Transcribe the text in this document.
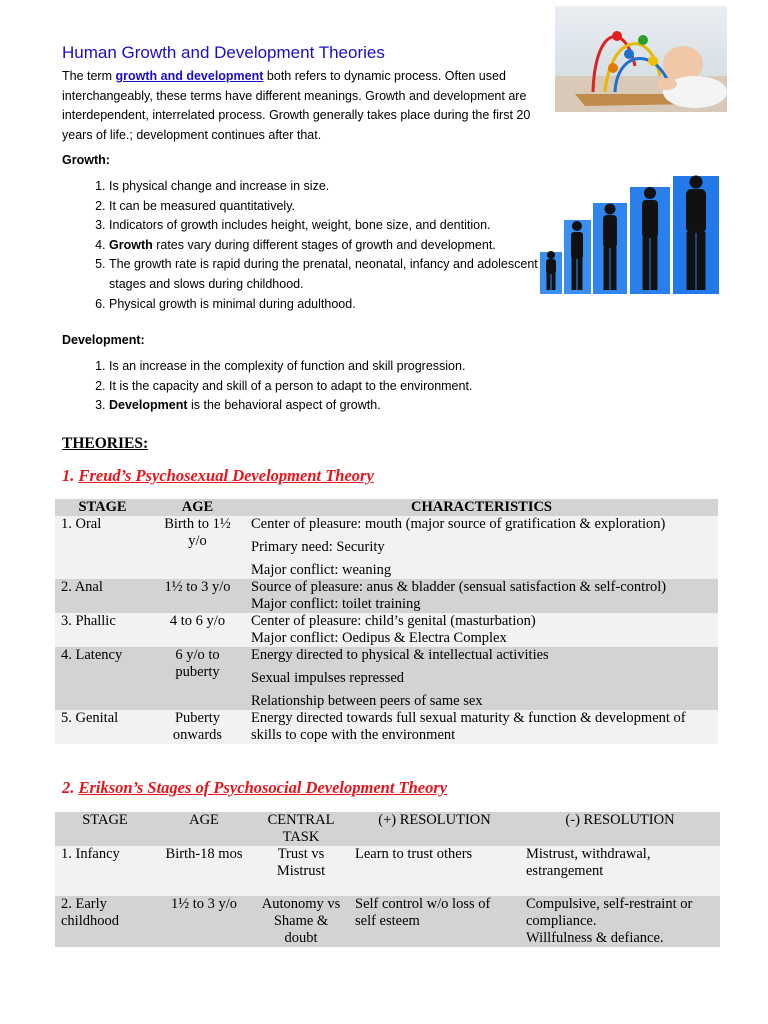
Human Growth and Development Theories
The term growth and development both refers to dynamic process. Often used interchangeably, these terms have different meanings. Growth and development are interdependent, interrelated process. Growth generally takes place during the first 20 years of life.; development continues after that.
Growth:
1. Is physical change and increase in size.
2. It can be measured quantitatively.
3. Indicators of growth includes height, weight, bone size, and dentition.
4. Growth rates vary during different stages of growth and development.
5. The growth rate is rapid during the prenatal, neonatal, infancy and adolescent stages and slows during childhood.
6. Physical growth is minimal during adulthood.
Development:
1. Is an increase in the complexity of function and skill progression.
2. It is the capacity and skill of a person to adapt to the environment.
3. Development is the behavioral aspect of growth.
THEORIES:
1. Freud’s Psychosexual Development Theory
STAGE	AGE	CHARACTERISTICS
1. Oral	Birth to 1½ y/o	Center of pleasure: mouth (major source of gratification & exploration)

Primary need: Security

Major conflict: weaning

2. Anal	1½ to 3 y/o	Source of pleasure: anus & bladder (sensual satisfaction & self-control)
Major conflict: toilet training

3. Phallic	4 to 6 y/o	Center of pleasure: child’s genital (masturbation)
Major conflict: Oedipus & Electra Complex

4. Latency	6 y/o to puberty	Energy directed to physical & intellectual activities

Sexual impulses repressed

Relationship between peers of same sex

5. Genital	Puberty onwards	Energy directed towards full sexual maturity & function & development of skills to cope with the environment
2. Erikson’s Stages of Psychosocial Development Theory
STAGE	AGE	CENTRAL TASK	(+) RESOLUTION	(-) RESOLUTION
1. Infancy	Birth-18 mos	Trust vs Mistrust	Learn to trust others	Mistrust, withdrawal, estrangement

2. Early childhood	1½ to 3 y/o	Autonomy vs Shame & doubt	Self control w/o loss of self esteem	Compulsive, self-restraint or compliance.
Willfulness & defiance.
